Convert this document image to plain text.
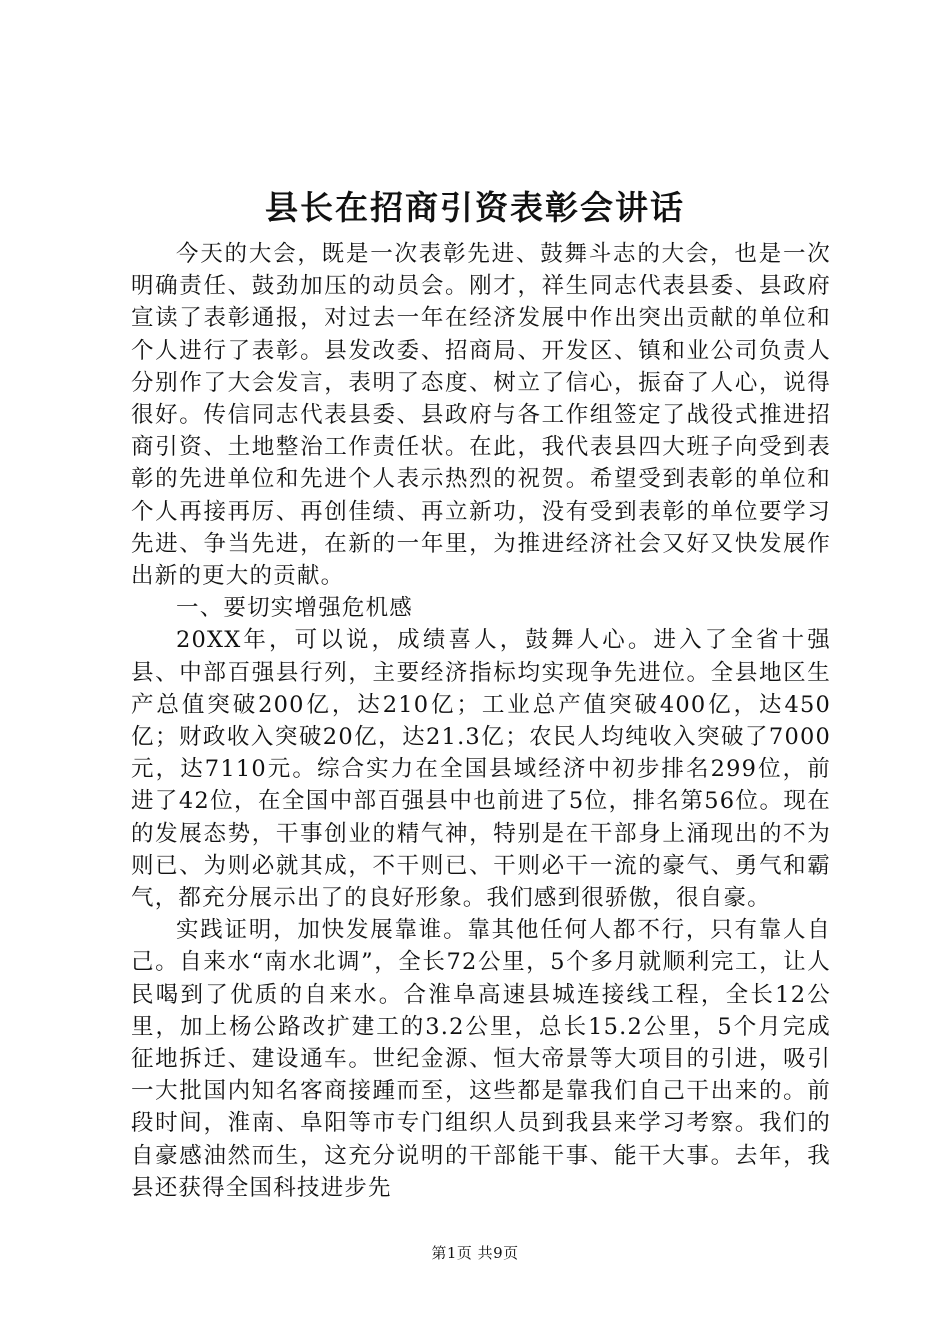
县长在招商引资表彰会讲话

今天的大会，既是一次表彰先进、鼓舞斗志的大会，也是一次明确责任、鼓劲加压的动员会。刚才，祥生同志代表县委、县政府宣读了表彰通报，对过去一年在经济发展中作出突出贡献的单位和个人进行了表彰。县发改委、招商局、开发区、镇和业公司负责人分别作了大会发言，表明了态度、树立了信心，振奋了人心，说得很好。传信同志代表县委、县政府与各工作组签定了战役式推进招商引资、土地整治工作责任状。在此，我代表县四大班子向受到表彰的先进单位和先进个人表示热烈的祝贺。希望受到表彰的单位和个人再接再厉、再创佳绩、再立新功，没有受到表彰的单位要学习先进、争当先进，在新的一年里，为推进经济社会又好又快发展作出新的更大的贡献。

一、要切实增强危机感

20XX年，可以说，成绩喜人，鼓舞人心。进入了全省十强县、中部百强县行列，主要经济指标均实现争先进位。全县地区生产总值突破200亿，达210亿；工业总产值突破400亿，达450亿；财政收入突破20亿，达21.3亿；农民人均纯收入突破了7000元，达7110元。综合实力在全国县域经济中初步排名299位，前进了42位，在全国中部百强县中也前进了5位，排名第56位。现在的发展态势，干事创业的精气神，特别是在干部身上涌现出的不为则已、为则必就其成，不干则已、干则必干一流的豪气、勇气和霸气，都充分展示出了的良好形象。我们感到很骄傲，很自豪。

实践证明，加快发展靠谁。靠其他任何人都不行，只有靠人自己。自来水“南水北调”，全长72公里，5个多月就顺利完工，让人民喝到了优质的自来水。合淮阜高速县城连接线工程，全长12公里，加上杨公路改扩建工的3.2公里，总长15.2公里，5个月完成征地拆迁、建设通车。世纪金源、恒大帝景等大项目的引进，吸引一大批国内知名客商接踵而至，这些都是靠我们自己干出来的。前段时间，淮南、阜阳等市专门组织人员到我县来学习考察。我们的自豪感油然而生，这充分说明的干部能干事、能干大事。去年，我县还获得全国科技进步先

第1页 共9页
